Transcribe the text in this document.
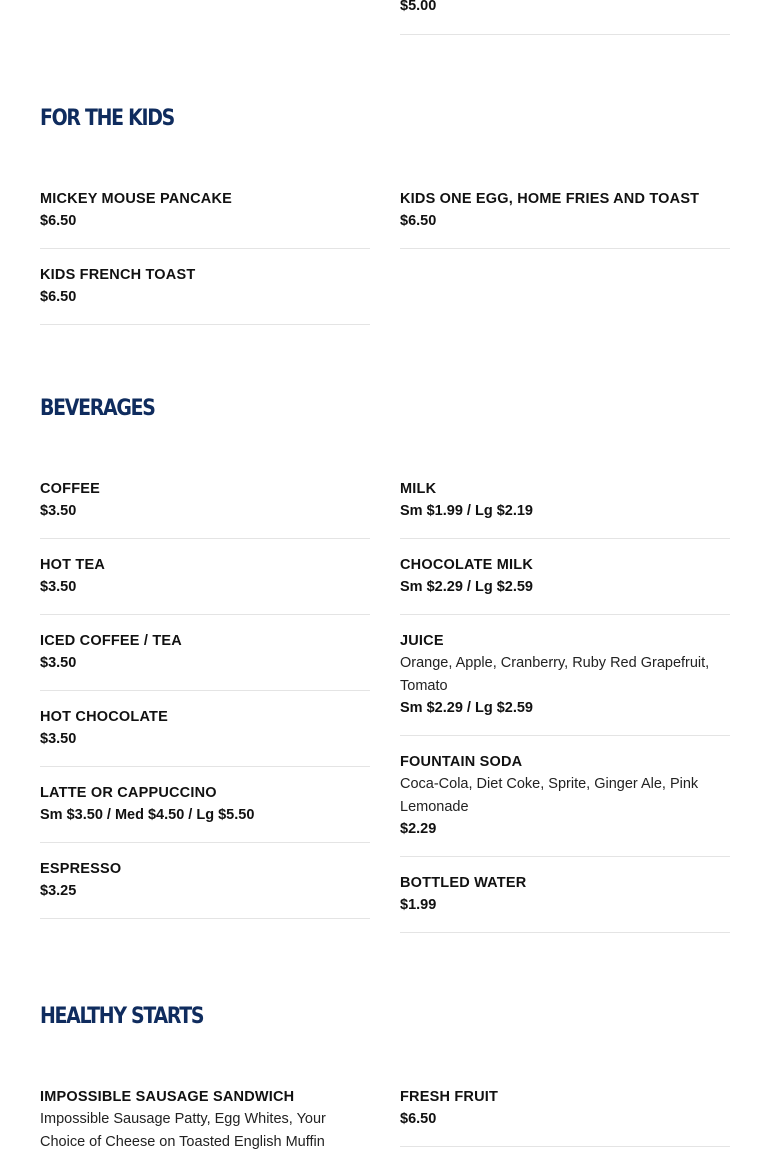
$5.00
FOR THE KIDS
MICKEY MOUSE PANCAKE
$6.50
KIDS ONE EGG, HOME FRIES AND TOAST
$6.50
KIDS FRENCH TOAST
$6.50
BEVERAGES
COFFEE
$3.50
MILK
Sm $1.99 / Lg $2.19
HOT TEA
$3.50
CHOCOLATE MILK
Sm $2.29 / Lg $2.59
ICED COFFEE / TEA
$3.50
JUICE
Orange, Apple, Cranberry, Ruby Red Grapefruit, Tomato
Sm $2.29 / Lg $2.59
HOT CHOCOLATE
$3.50
LATTE OR CAPPUCCINO
Sm $3.50 / Med $4.50 / Lg $5.50
FOUNTAIN SODA
Coca-Cola, Diet Coke, Sprite, Ginger Ale, Pink Lemonade
$2.29
ESPRESSO
$3.25	BOTTLED WATER
$1.99
HEALTHY STARTS
IMPOSSIBLE SAUSAGE SANDWICH
Impossible Sausage Patty, Egg Whites, Your Choice of Cheese on Toasted English Muffin
FRESH FRUIT
$6.50
